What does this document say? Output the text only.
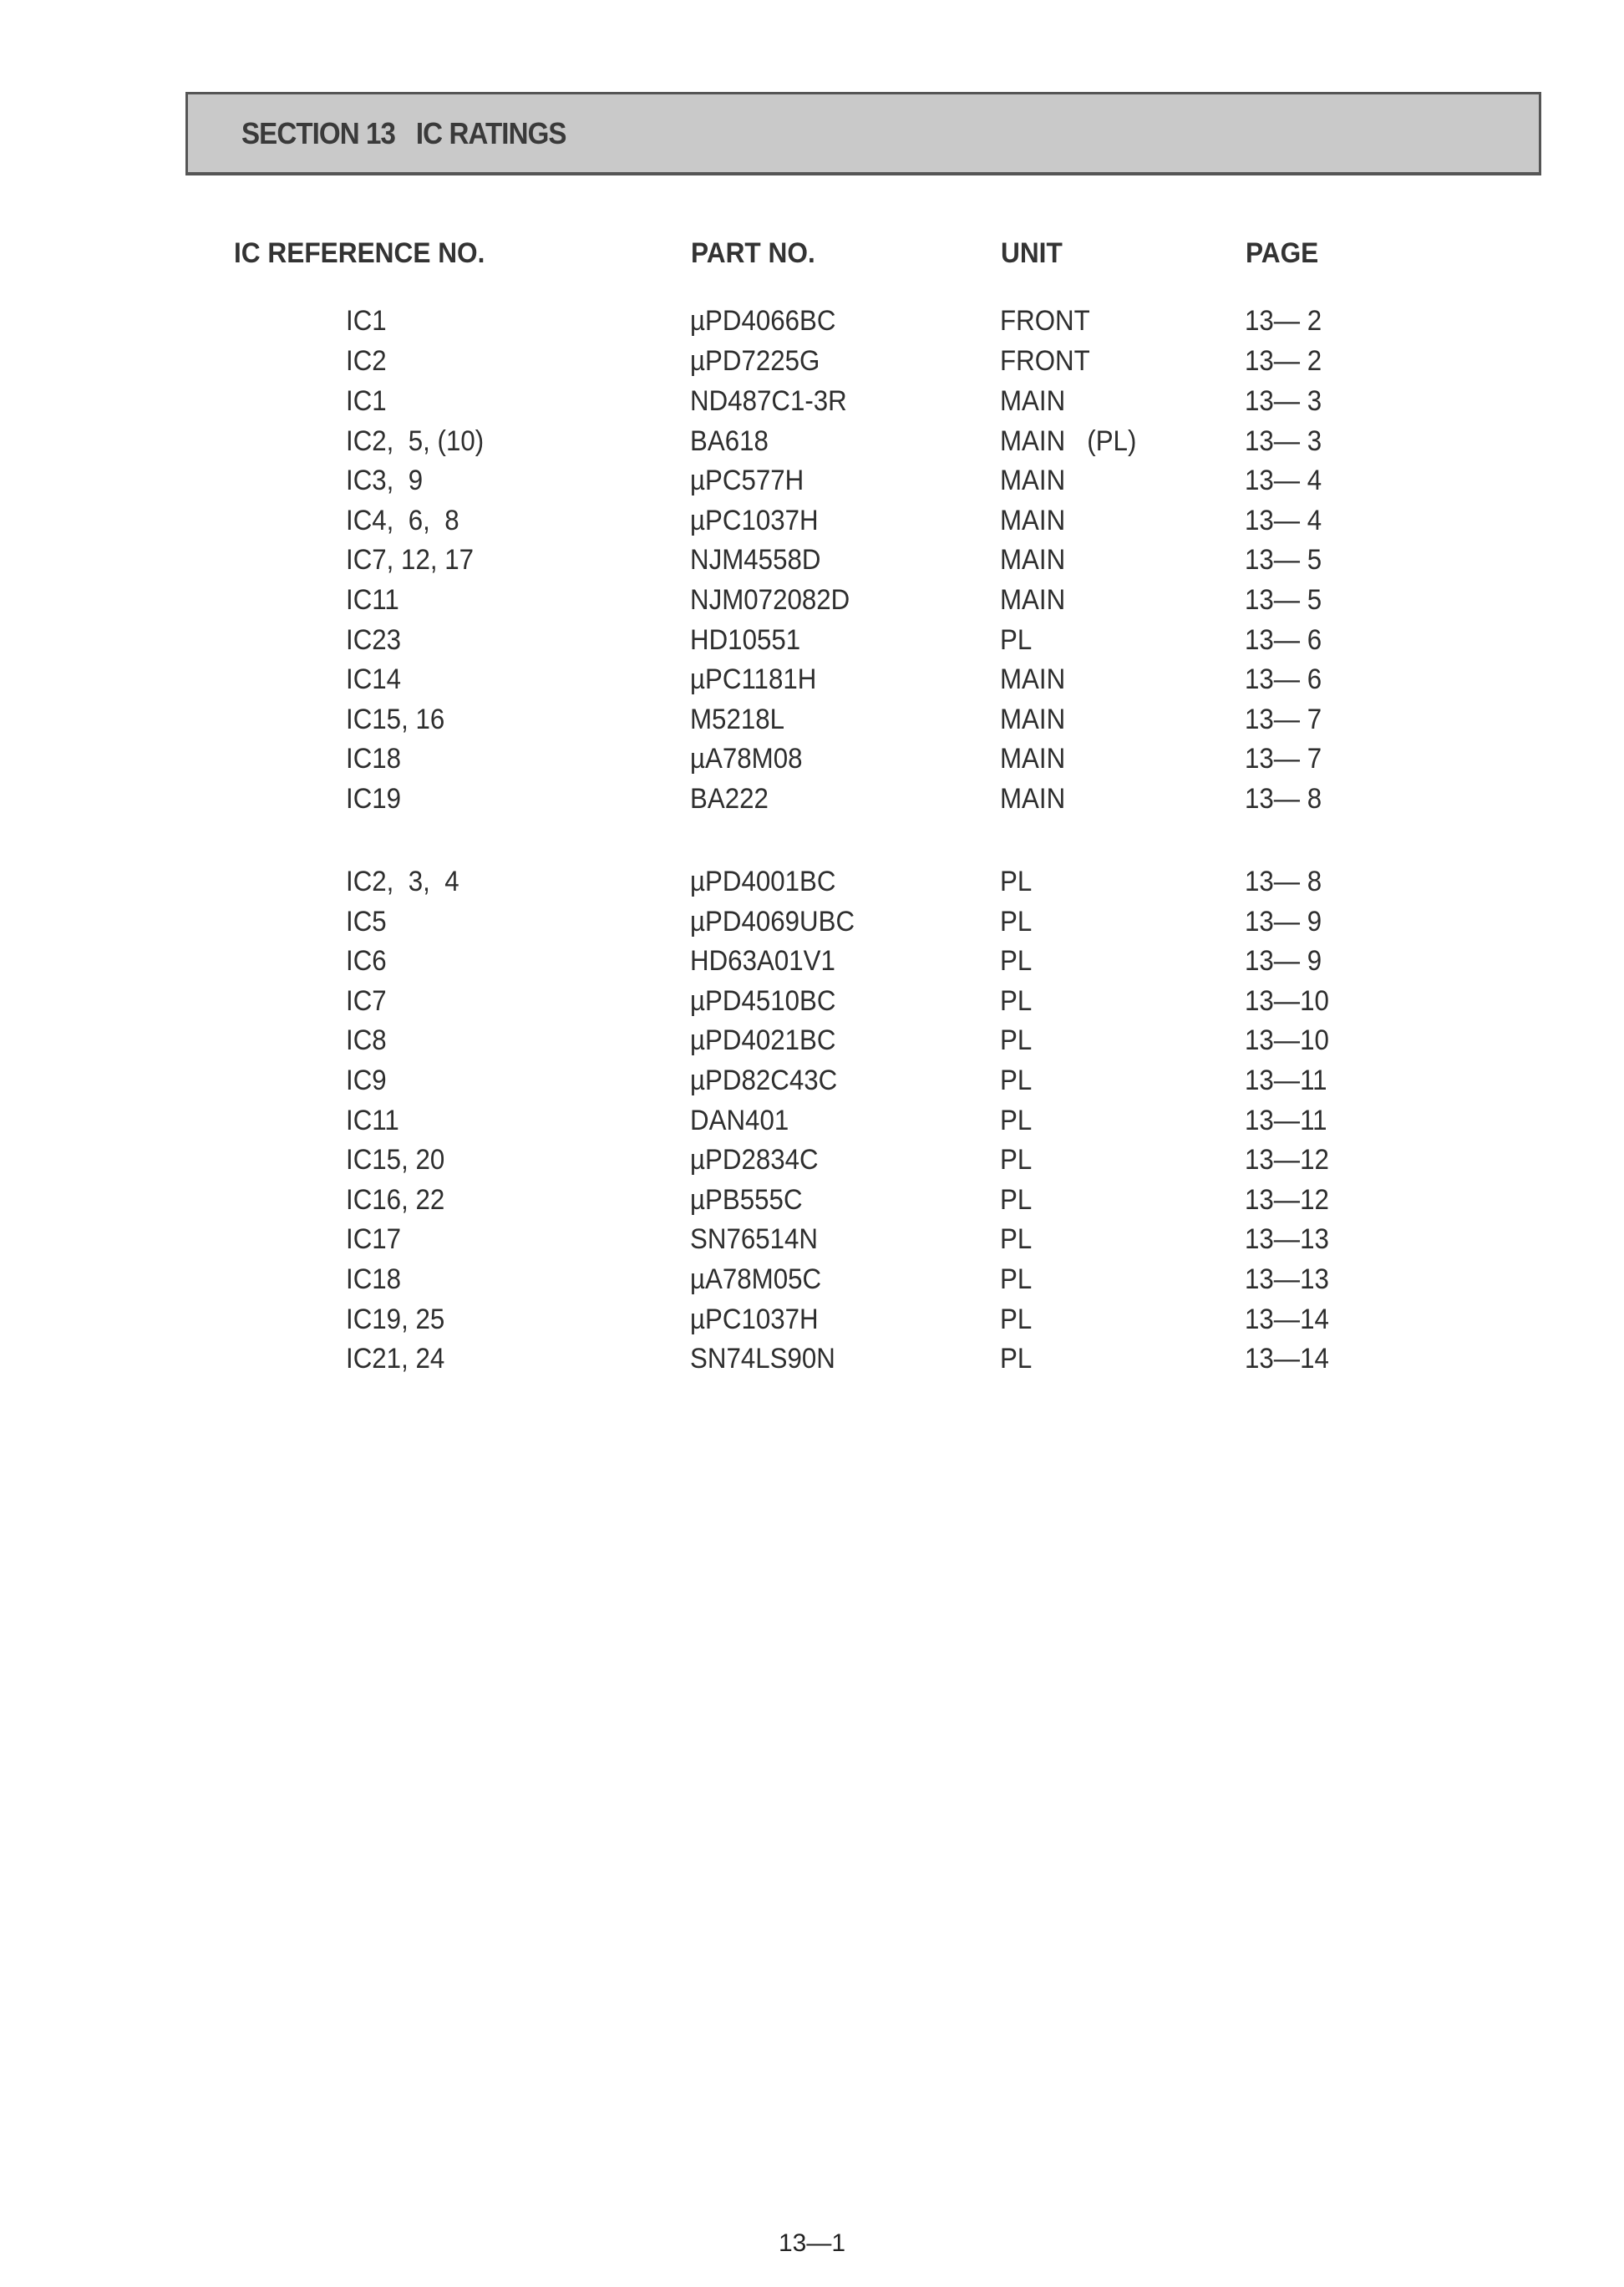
SECTION 13   IC RATINGS
IC REFERENCE NO.	PART NO.	UNIT	PAGE
IC1	µPD4066BC	FRONT	13— 2
IC2	µPD7225G	FRONT	13— 2
IC1	ND487C1-3R	MAIN	13— 3
IC2,  5, (10)	BA618	MAIN   (PL)	13— 3
IC3,  9	µPC577H	MAIN	13— 4
IC4,  6,  8	µPC1037H	MAIN	13— 4
IC7, 12, 17	NJM4558D	MAIN	13— 5
IC11	NJM072082D	MAIN	13— 5
IC23	HD10551	PL	13— 6
IC14	µPC1181H	MAIN	13— 6
IC15, 16	M5218L	MAIN	13— 7
IC18	µA78M08	MAIN	13— 7
IC19	BA222	MAIN	13— 8
IC2,  3,  4	µPD4001BC	PL	13— 8
IC5	µPD4069UBC	PL	13— 9
IC6	HD63A01V1	PL	13— 9
IC7	µPD4510BC	PL	13—10
IC8	µPD4021BC	PL	13—10
IC9	µPD82C43C	PL	13—11
IC11	DAN401	PL	13—11
IC15, 20	µPD2834C	PL	13—12
IC16, 22	µPB555C	PL	13—12
IC17	SN76514N	PL	13—13
IC18	µA78M05C	PL	13—13
IC19, 25	µPC1037H	PL	13—14
IC21, 24	SN74LS90N	PL	13—14
13—1
